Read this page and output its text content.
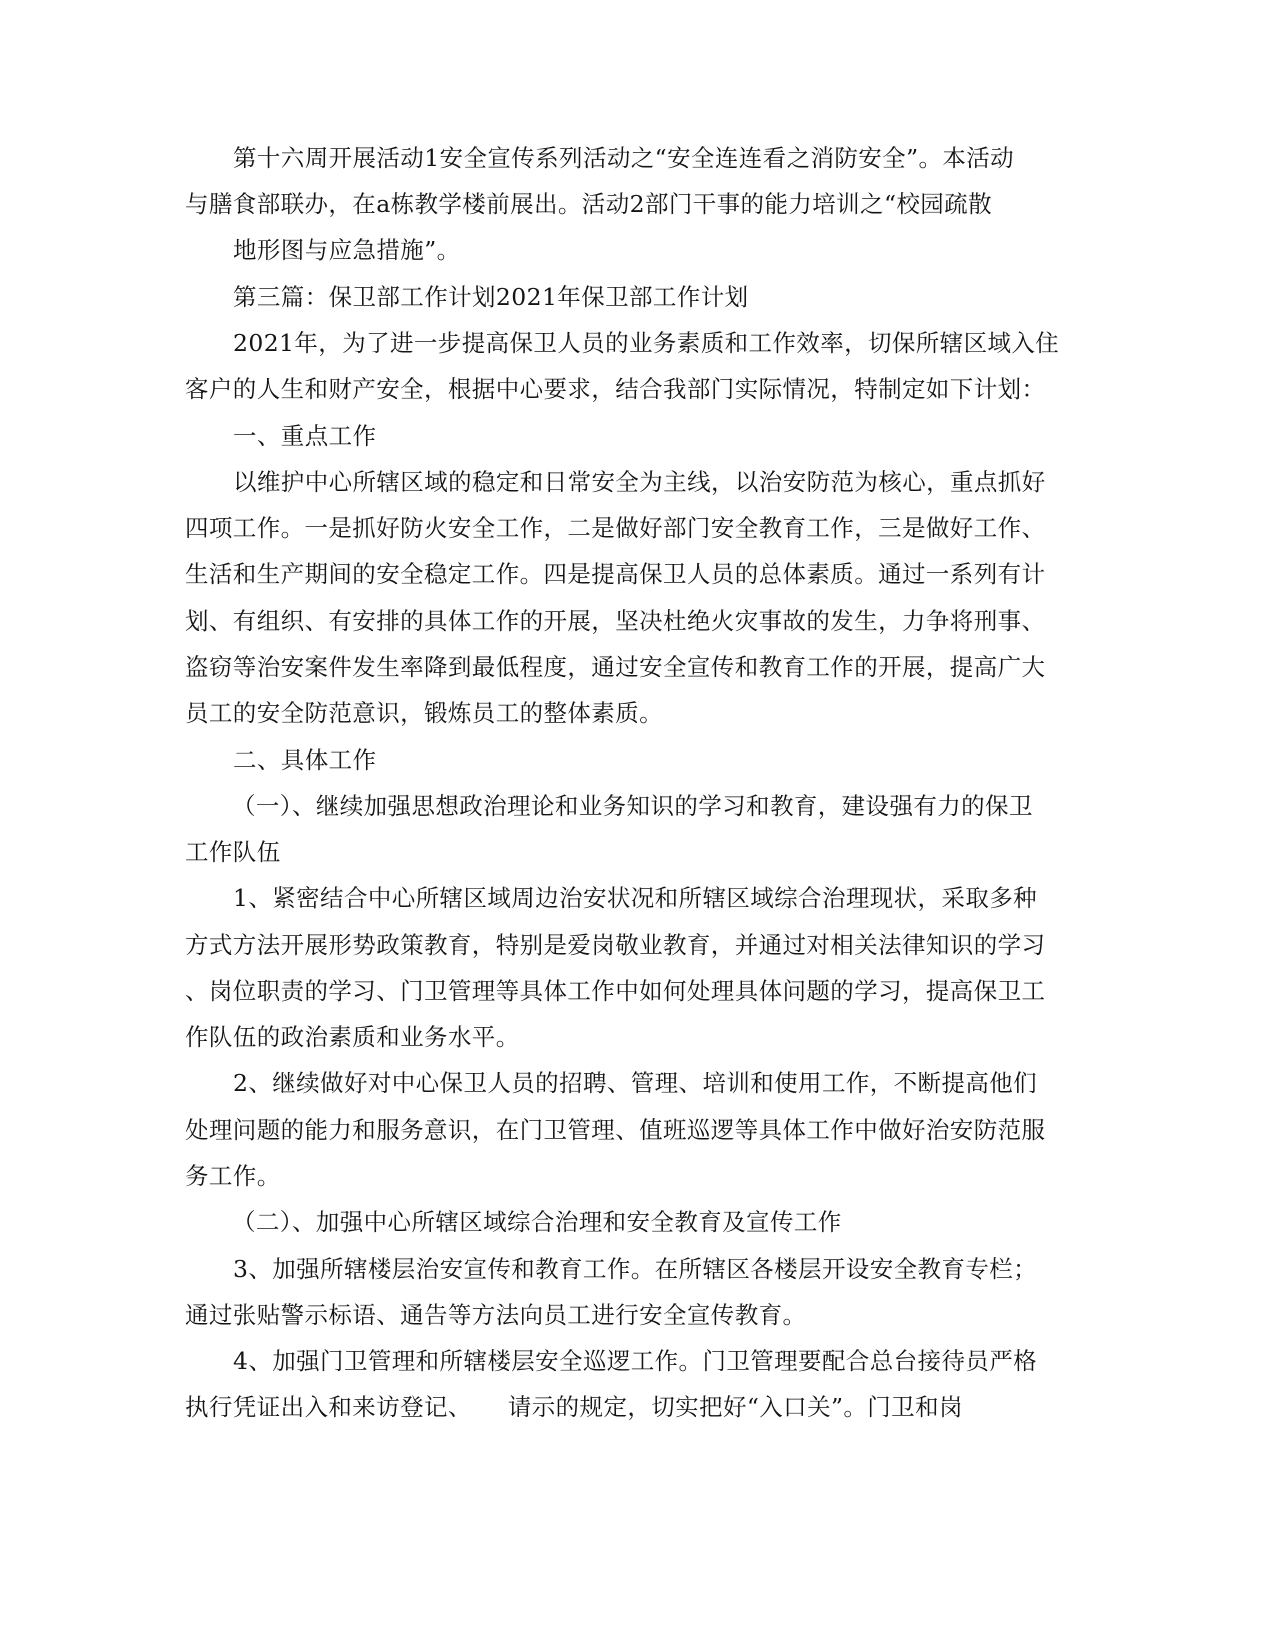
第十六周开展活动1安全宣传系列活动之“安全连连看之消防安全”。本活动
与膳食部联办，在a栋教学楼前展出。活动2部门干事的能力培训之“校园疏散
地形图与应急措施”。
第三篇：保卫部工作计划2021年保卫部工作计划
2021年，为了进一步提高保卫人员的业务素质和工作效率，切保所辖区域入住
客户的人生和财产安全，根据中心要求，结合我部门实际情况，特制定如下计划：
一、重点工作
以维护中心所辖区域的稳定和日常安全为主线，以治安防范为核心，重点抓好
四项工作。一是抓好防火安全工作，二是做好部门安全教育工作，三是做好工作、
生活和生产期间的安全稳定工作。四是提高保卫人员的总体素质。通过一系列有计
划、有组织、有安排的具体工作的开展，坚决杜绝火灾事故的发生，力争将刑事、
盗窃等治安案件发生率降到最低程度，通过安全宣传和教育工作的开展，提高广大
员工的安全防范意识，锻炼员工的整体素质。
二、具体工作
（一）、继续加强思想政治理论和业务知识的学习和教育，建设强有力的保卫
工作队伍
1、紧密结合中心所辖区域周边治安状况和所辖区域综合治理现状，采取多种
方式方法开展形势政策教育，特别是爱岗敬业教育，并通过对相关法律知识的学习
、岗位职责的学习、门卫管理等具体工作中如何处理具体问题的学习，提高保卫工
作队伍的政治素质和业务水平。
2、继续做好对中心保卫人员的招聘、管理、培训和使用工作，不断提高他们
处理问题的能力和服务意识，在门卫管理、值班巡逻等具体工作中做好治安防范服
务工作。
（二）、加强中心所辖区域综合治理和安全教育及宣传工作
3、加强所辖楼层治安宣传和教育工作。在所辖区各楼层开设安全教育专栏；
通过张贴警示标语、通告等方法向员工进行安全宣传教育。
4、加强门卫管理和所辖楼层安全巡逻工作。门卫管理要配合总台接待员严格
执行凭证出入和来访登记、　　请示的规定，切实把好“入口关”。门卫和岗
